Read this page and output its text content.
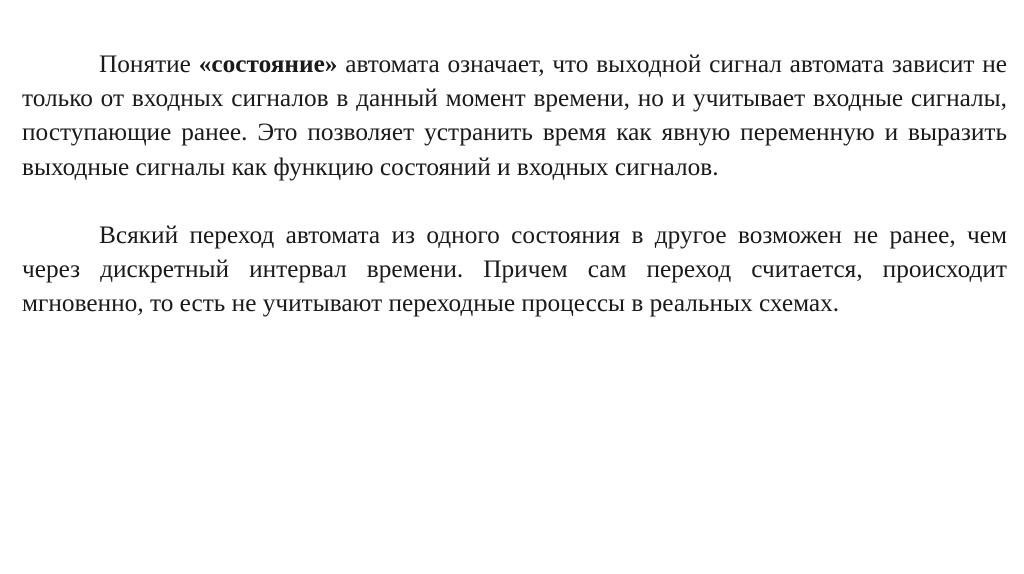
Понятие «состояние» автомата означает, что выходной сигнал автомата зависит не только от входных сигналов в данный момент времени, но и учитывает входные сигналы, поступающие ранее. Это позволяет устранить время как явную переменную и выразить выходные сигналы как функцию состояний и входных сигналов.

Всякий переход автомата из одного состояния в другое возможен не ранее, чем через дискретный интервал времени. Причем сам переход считается, происходит мгновенно, то есть не учитывают переходные процессы в реальных схемах.
